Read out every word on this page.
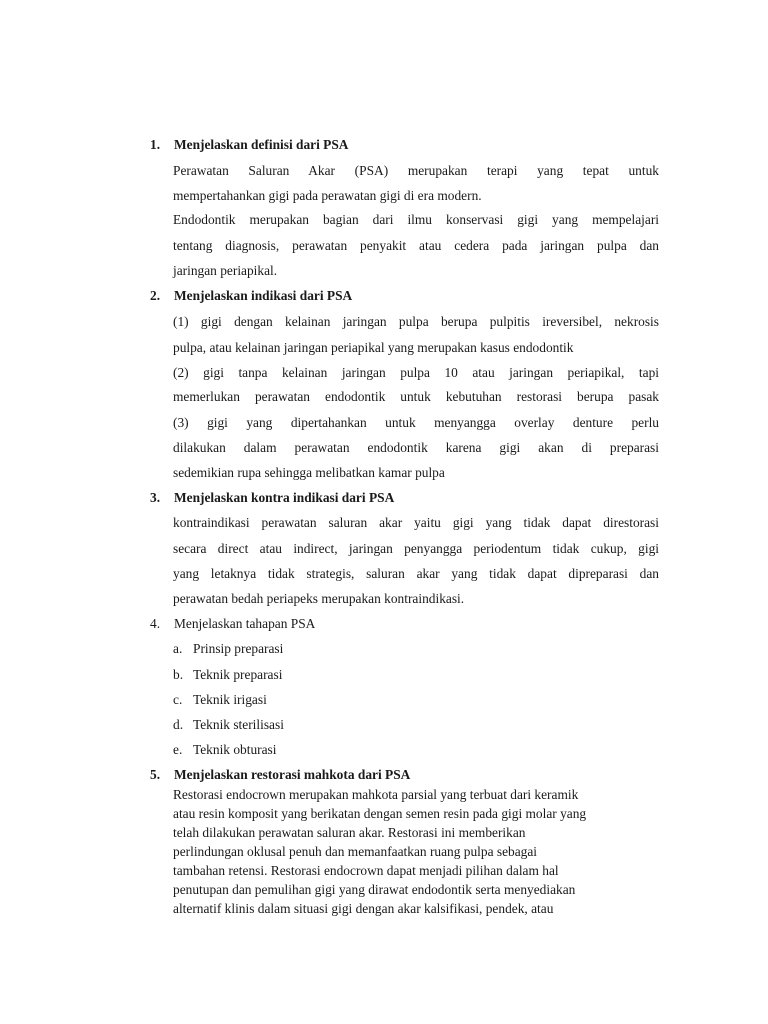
1. Menjelaskan definisi dari PSA
Perawatan Saluran Akar (PSA) merupakan terapi yang tepat untuk
mempertahankan gigi pada perawatan gigi di era modern.
Endodontik merupakan bagian dari ilmu konservasi gigi yang mempelajari
tentang diagnosis, perawatan penyakit atau cedera pada jaringan pulpa dan
jaringan periapikal.
2. Menjelaskan indikasi dari PSA
(1) gigi dengan kelainan jaringan pulpa berupa pulpitis ireversibel, nekrosis
pulpa, atau kelainan jaringan periapikal yang merupakan kasus endodontik
(2) gigi tanpa kelainan jaringan pulpa 10 atau jaringan periapikal, tapi
memerlukan perawatan endodontik untuk kebutuhan restorasi berupa pasak
(3) gigi yang dipertahankan untuk menyangga overlay denture perlu
dilakukan dalam perawatan endodontik karena gigi akan di preparasi
sedemikian rupa sehingga melibatkan kamar pulpa
3. Menjelaskan kontra indikasi dari PSA
kontraindikasi perawatan saluran akar yaitu gigi yang tidak dapat direstorasi
secara direct atau indirect, jaringan penyangga periodentum tidak cukup, gigi
yang letaknya tidak strategis, saluran akar yang tidak dapat dipreparasi dan
perawatan bedah periapeks merupakan kontraindikasi.
4. Menjelaskan tahapan PSA
a. Prinsip preparasi
b. Teknik preparasi
c. Teknik irigasi
d. Teknik sterilisasi
e. Teknik obturasi
5. Menjelaskan restorasi mahkota dari PSA
Restorasi endocrown merupakan mahkota parsial yang terbuat dari keramik
atau resin komposit yang berikatan dengan semen resin pada gigi molar yang
telah dilakukan perawatan saluran akar. Restorasi ini memberikan
perlindungan oklusal penuh dan memanfaatkan ruang pulpa sebagai
tambahan retensi. Restorasi endocrown dapat menjadi pilihan dalam hal
penutupan dan pemulihan gigi yang dirawat endodontik serta menyediakan
alternatif klinis dalam situasi gigi dengan akar kalsifikasi, pendek, atau
